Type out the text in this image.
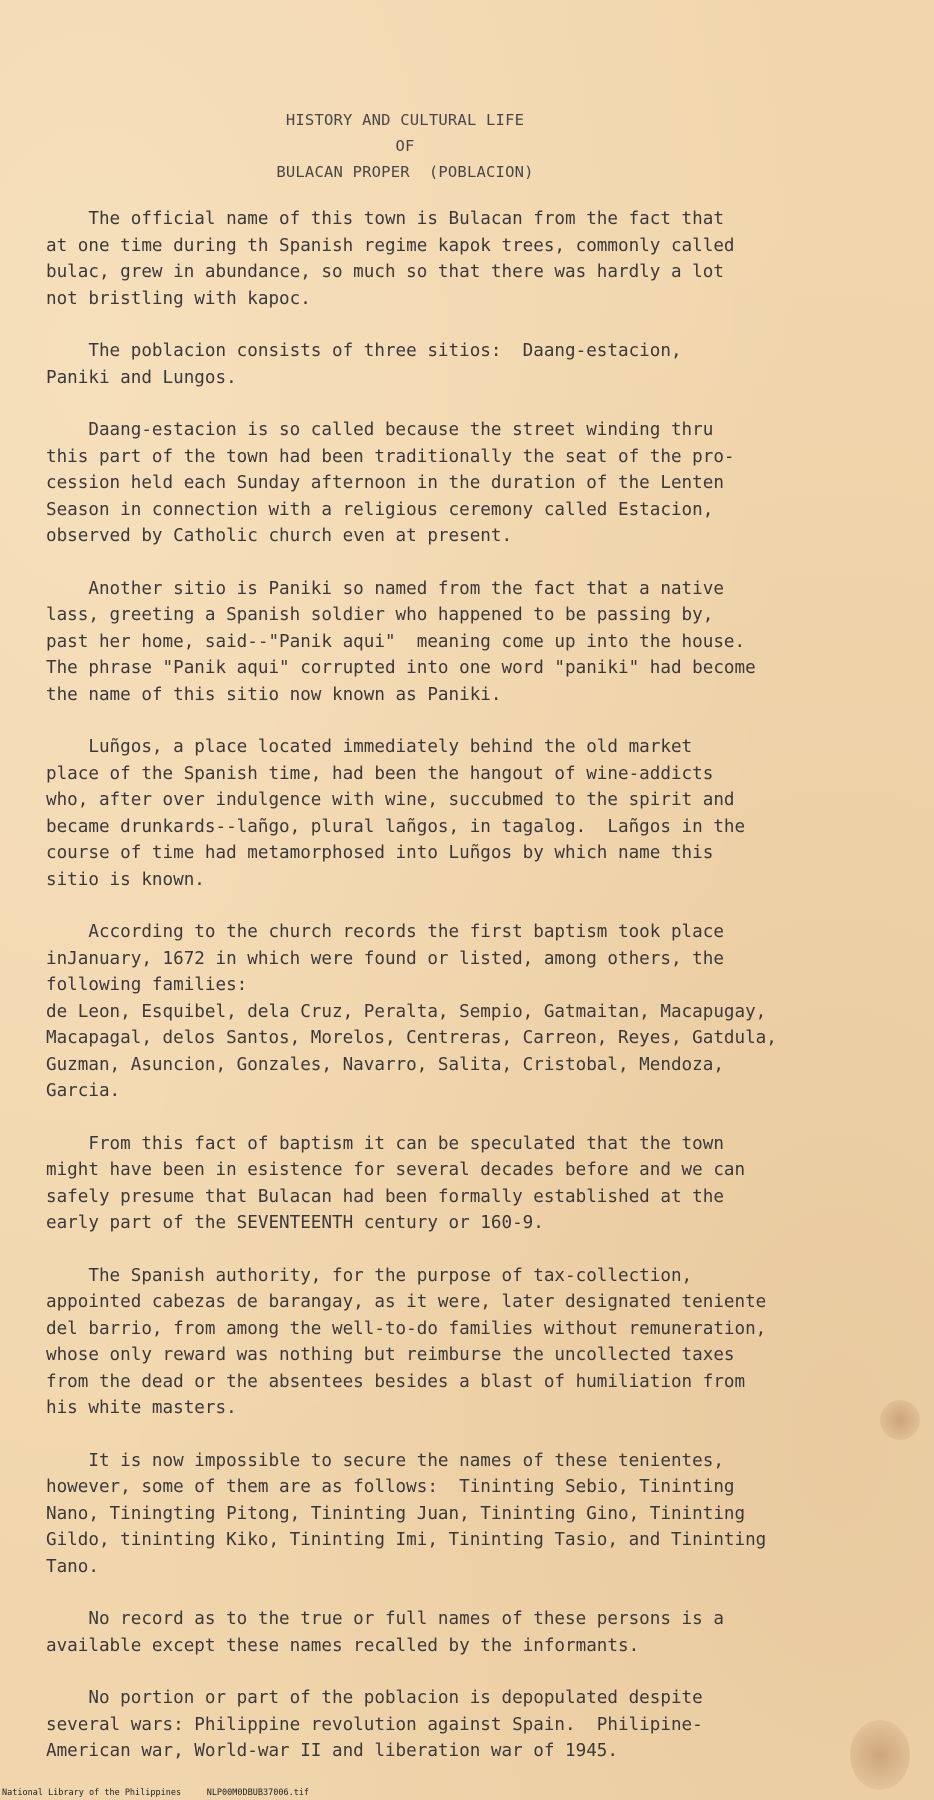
HISTORY AND CULTURAL LIFE
OF
BULACAN PROPER  (POBLACION)
The official name of this town is Bulacan from the fact that
at one time during th Spanish regime kapok trees, commonly called
bulac, grew in abundance, so much so that there was hardly a lot
not bristling with kapoc.
The poblacion consists of three sitios:  Daang-estacion,
Paniki and Lungos.
Daang-estacion is so called because the street winding thru
this part of the town had been traditionally the seat of the pro-
cession held each Sunday afternoon in the duration of the Lenten
Season in connection with a religious ceremony called Estacion,
observed by Catholic church even at present.
Another sitio is Paniki so named from the fact that a native
lass, greeting a Spanish soldier who happened to be passing by,
past her home, said--"Panik aqui"  meaning come up into the house.
The phrase "Panik aqui" corrupted into one word "paniki" had become
the name of this sitio now known as Paniki.
Luñgos, a place located immediately behind the old market
place of the Spanish time, had been the hangout of wine-addicts
who, after over indulgence with wine, succubmed to the spirit and
became drunkards--lañgo, plural lañgos, in tagalog.  Lañgos in the
course of time had metamorphosed into Luñgos by which name this
sitio is known.
According to the church records the first baptism took place
inJanuary, 1672 in which were found or listed, among others, the
following families:
de Leon, Esquibel, dela Cruz, Peralta, Sempio, Gatmaitan, Macapugay,
Macapagal, delos Santos, Morelos, Centreras, Carreon, Reyes, Gatdula,
Guzman, Asuncion, Gonzales, Navarro, Salita, Cristobal, Mendoza,
Garcia.
From this fact of baptism it can be speculated that the town
might have been in esistence for several decades before and we can
safely presume that Bulacan had been formally established at the
early part of the SEVENTEENTH century or 160-9.
The Spanish authority, for the purpose of tax-collection,
appointed cabezas de barangay, as it were, later designated teniente
del barrio, from among the well-to-do families without remuneration,
whose only reward was nothing but reimburse the uncollected taxes
from the dead or the absentees besides a blast of humiliation from
his white masters.
It is now impossible to secure the names of these tenientes,
however, some of them are as follows:  Tininting Sebio, Tininting
Nano, Tiningting Pitong, Tininting Juan, Tininting Gino, Tininting
Gildo, tininting Kiko, Tininting Imi, Tininting Tasio, and Tininting
Tano.
No record as to the true or full names of these persons is a
available except these names recalled by the informants.
No portion or part of the poblacion is depopulated despite
several wars: Philippine revolution against Spain.  Philipine-
American war, World-war II and liberation war of 1945.
National Library of the Philippines     NLP00M0DBUB37006.tif
